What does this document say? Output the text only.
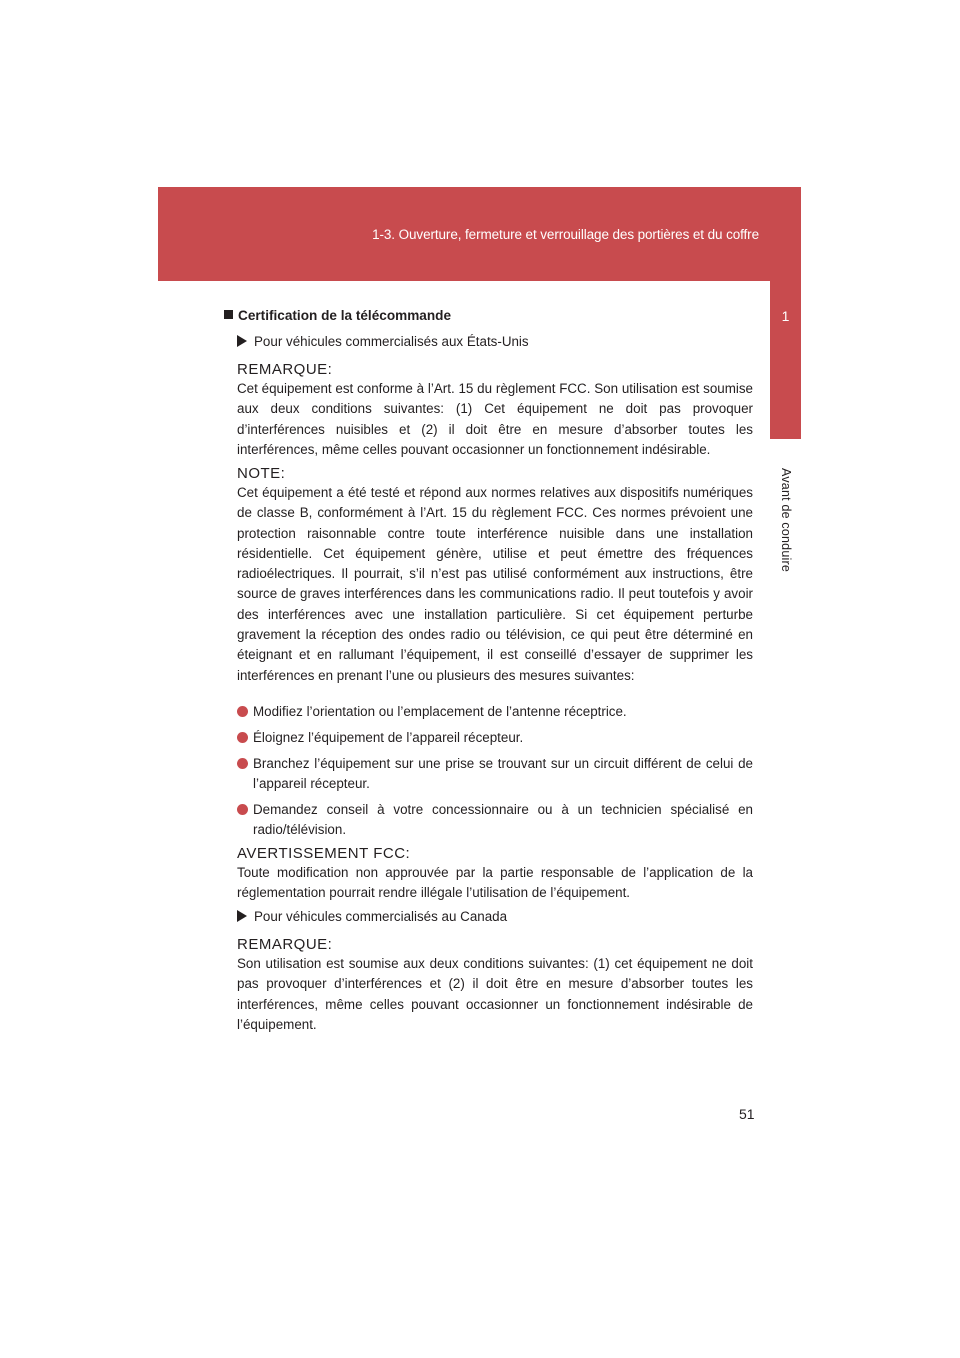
1-3. Ouverture, fermeture et verrouillage des portières et du coffre
1
Avant de conduire
Certification de la télécommande
Pour véhicules commercialisés aux États-Unis
REMARQUE:
Cet équipement est conforme à l’Art. 15 du règlement FCC. Son utilisation est soumise aux deux conditions suivantes: (1) Cet équipement ne doit pas provoquer d’interférences nuisibles et (2) il doit être en mesure d’absorber toutes les interférences, même celles pouvant occasionner un fonctionnement indésirable.
NOTE:
Cet équipement a été testé et répond aux normes relatives aux dispositifs numériques de classe B, conformément à l’Art. 15 du règlement FCC. Ces normes prévoient une protection raisonnable contre toute interférence nuisible dans une installation résidentielle. Cet équipement génère, utilise et peut émettre des fréquences radioélectriques. Il pourrait, s’il n’est pas utilisé conformément aux instructions, être source de graves interférences dans les communications radio. Il peut toutefois y avoir des interférences avec une installation particulière. Si cet équipement perturbe gravement la réception des ondes radio ou télévision, ce qui peut être déterminé en éteignant et en rallumant l’équipement, il est conseillé d’essayer de supprimer les interférences en prenant l’une ou plusieurs des mesures suivantes:
Modifiez l’orientation ou l’emplacement de l’antenne réceptrice.
Éloignez l’équipement de l’appareil récepteur.
Branchez l’équipement sur une prise se trouvant sur un circuit différent de celui de l’appareil récepteur.
Demandez conseil à votre concessionnaire ou à un technicien spécialisé en radio/télévision.
AVERTISSEMENT FCC:
Toute modification non approuvée par la partie responsable de l’application de la réglementation pourrait rendre illégale l’utilisation de l’équipement.
Pour véhicules commercialisés au Canada
REMARQUE:
Son utilisation est soumise aux deux conditions suivantes: (1) cet équipement ne doit pas provoquer d’interférences et (2) il doit être en mesure d’absorber toutes les interférences, même celles pouvant occasionner un fonctionnement indésirable de l’équipement.
51
